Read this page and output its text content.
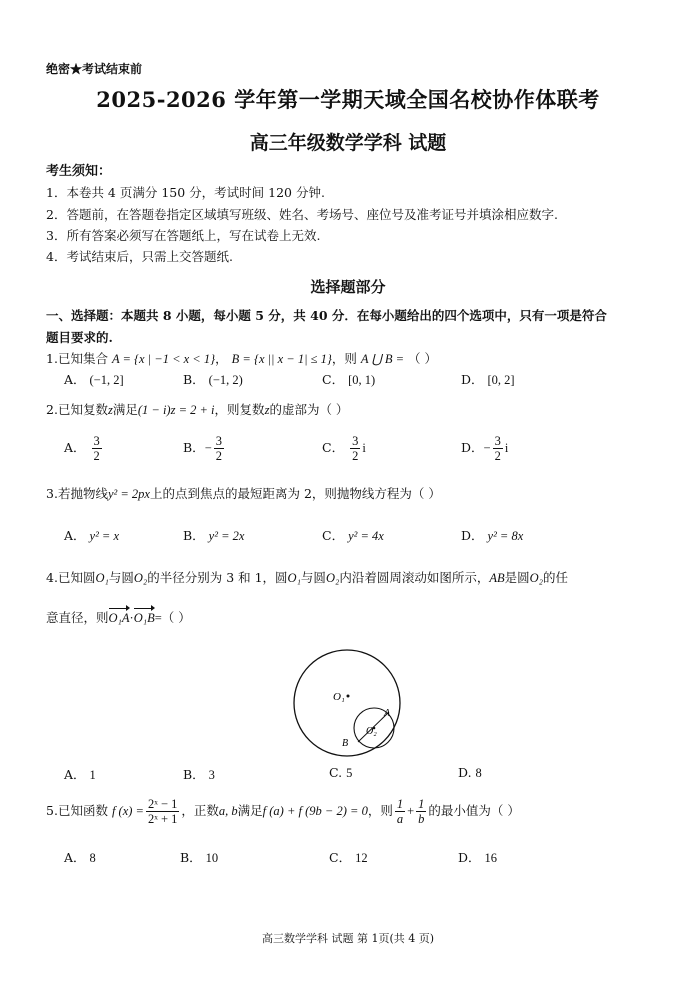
绝密★考试结束前
2025-2026 学年第一学期天域全国名校协作体联考
高三年级数学学科 试题
考生须知：
1．本卷共 4 页满分 150 分，考试时间 120 分钟.
2．答题前，在答题卷指定区域填写班级、姓名、考场号、座位号及准考证号并填涂相应数字.
3．所有答案必须写在答题纸上，写在试卷上无效.
4．考试结束后，只需上交答题纸.
选择题部分
一、选择题：本题共 8 小题，每小题 5 分，共 40 分．在每小题给出的四个选项中，只有一项是符合
题目要求的.
1.已知集合 A = {x | −1 < x < 1}， B = {x || x − 1| ≤ 1}，则 A ⋃ B = （ ）
A． (−1, 2]	B． (−1, 2)	C． [0, 1)	D． [0, 2]
2.已知复数z满足(1 − i)z = 2 + i，则复数z的虚部为（ ）
A． $\frac{3}{2}$	B．− $\frac{3}{2}$	C． $\frac{3}{2}$ i	D．− $\frac{3}{2}$ i
3.若抛物线y² = 2px上的点到焦点的最短距离为 2，则抛物线方程为（ ）
A． y² = x	B． y² = 2x	C． y² = 4x	D． y² = 8x
4.已知圆O₁与圆O₂的半径分别为 3 和 1，圆O₁与圆O₂内沿着圆周滚动如图所示，AB是圆O₂的任
意直径，则O₁A·O₁B=（ ）
O₁
O₂
A
B
A． 1	B． 3	C. 5	D. 8
5.已知函数 f $(x) = \frac{\text{2ˣ − 1}}{\text{2ˣ + 1}}$ ，正数a, b满足f (a) + f (9b − 2) = 0，则 $\frac{1}{a} + \frac{1}{b}$ 的最小值为（ ）
A． 8	B． 10	C． 12	D． 16
高三数学学科 试题 第 1页(共 4 页)
